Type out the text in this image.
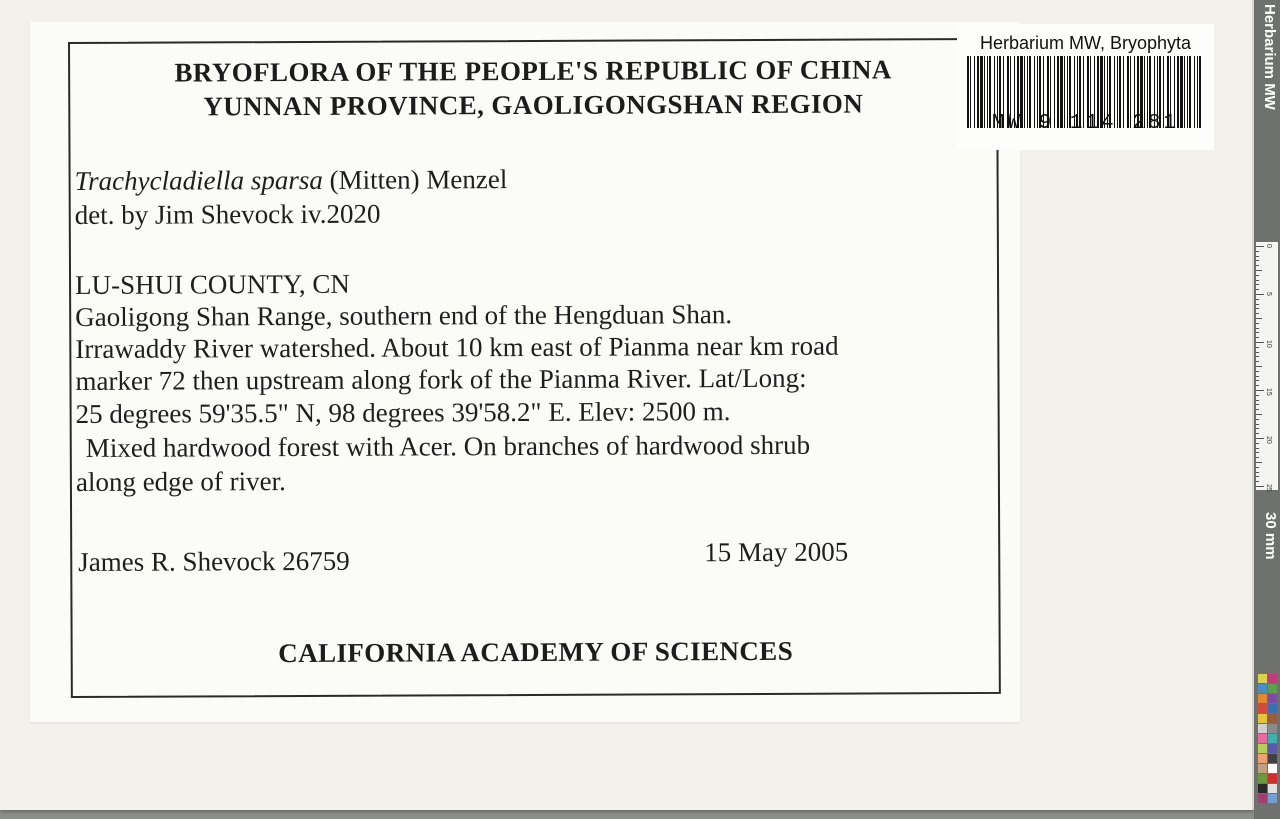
BRYOFLORA OF THE PEOPLE'S REPUBLIC OF CHINA
YUNNAN PROVINCE, GAOLIGONGSHAN REGION
Trachycladiella sparsa (Mitten) Menzel
det. by Jim Shevock iv.2020
LU-SHUI COUNTY, CN
Gaoligong Shan Range, southern end of the Hengduan Shan.
Irrawaddy River watershed. About 10 km east of Pianma near km road
marker 72 then upstream along fork of the Pianma River. Lat/Long:
25 degrees 59'35.5" N, 98 degrees 39'58.2" E. Elev: 2500 m.
Mixed hardwood forest with Acer. On branches of hardwood shrub
along edge of river.
James R. Shevock 26759	15 May 2005
CALIFORNIA ACADEMY OF SCIENCES
Herbarium MW, Bryophyta
MW 9 114 281
Herbarium MW
0
5
10
15
20
25
30 mm
